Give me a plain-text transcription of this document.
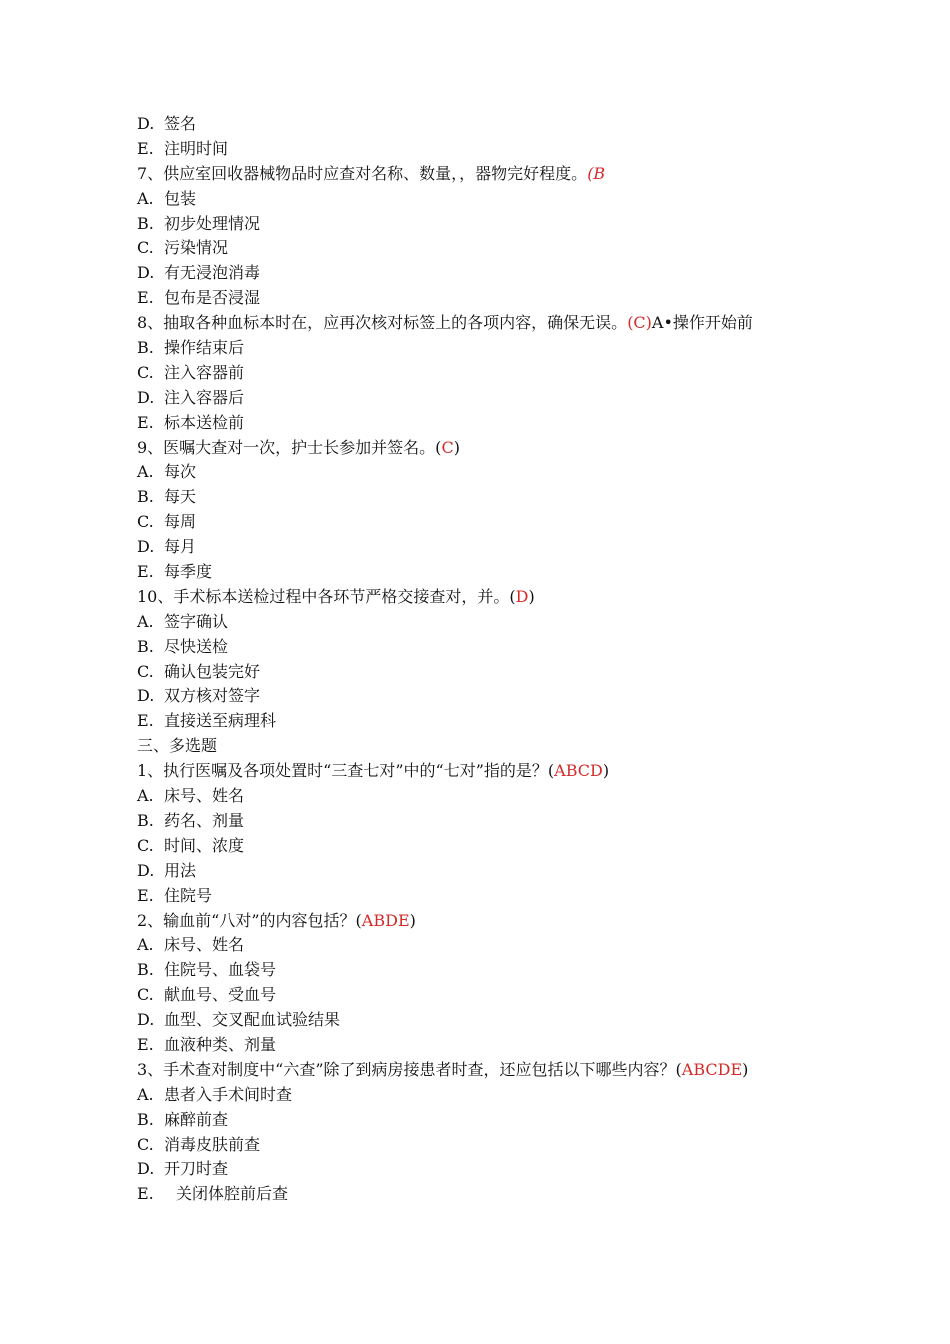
D. 签名
E. 注明时间
7、供应室回收器械物品时应查对名称、数量，，器物完好程度。(B
A. 包装
B. 初步处理情况
C. 污染情况
D. 有无浸泡消毒
E. 包布是否浸湿
8、抽取各种血标本时在，应再次核对标签上的各项内容，确保无误。(C)A•操作开始前
B. 操作结束后
C. 注入容器前
D. 注入容器后
E. 标本送检前
9、医嘱大查对一次，护士长参加并签名。(C)
A. 每次
B. 每天
C. 每周
D. 每月
E. 每季度
10、手术标本送检过程中各环节严格交接查对，并。(D)
A. 签字确认
B. 尽快送检
C. 确认包装完好
D. 双方核对签字
E. 直接送至病理科
三、多选题
1、执行医嘱及各项处置时“三查七对”中的“七对”指的是？(ABCD)
A. 床号、姓名
B. 药名、剂量
C. 时间、浓度
D. 用法
E. 住院号
2、输血前“八对”的内容包括？(ABDE)
A. 床号、姓名
B. 住院号、血袋号
C. 献血号、受血号
D. 血型、交叉配血试验结果
E. 血液种类、剂量
3、手术查对制度中“六查”除了到病房接患者时查，还应包括以下哪些内容？(ABCDE)
A. 患者入手术间时查
B. 麻醉前查
C. 消毒皮肤前查
D. 开刀时查
E. 关闭体腔前后查
